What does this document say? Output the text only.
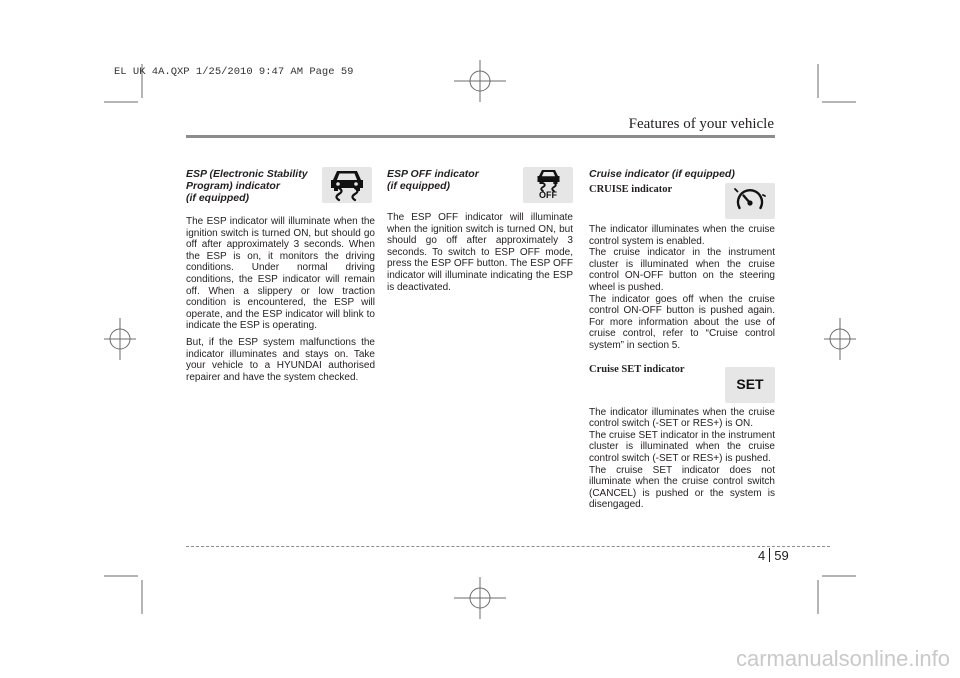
EL UK 4A.QXP 1/25/2010 9:47 AM Page 59
Features of your vehicle
ESP (Electronic Stability
Program) indicator
(if equipped)

The ESP indicator will illuminate when the ignition switch is turned ON, but should go off after approximately 3 seconds. When the ESP is on, it monitors the driving conditions. Under normal driving conditions, the ESP indicator will remain off. When a slippery or low traction condition is encountered, the ESP will operate, and the ESP indicator will blink to indicate the ESP is operating.

But, if the ESP system malfunctions the indicator illuminates and stays on. Take your vehicle to a HYUNDAI authorised repairer and have the system checked.

ESP OFF indicator
(if equipped)

The ESP OFF indicator will illuminate when the ignition switch is turned ON, but should go off after approximately 3 seconds. To switch to ESP OFF mode, press the ESP OFF button. The ESP OFF indicator will illuminate indicating the ESP is deactivated.

OFF
Cruise indicator (if equipped)
CRUISE indicator

The indicator illuminates when the cruise control system is enabled.

The cruise indicator in the instrument cluster is illuminated when the cruise control ON-OFF button on the steering wheel is pushed.

The indicator goes off when the cruise control ON-OFF button is pushed again. For more information about the use of cruise control, refer to “Cruise control system” in section 5.

Cruise SET indicator

The indicator illuminates when the cruise control switch (-SET or RES+) is ON.

The cruise SET indicator in the instrument cluster is illuminated when the cruise control switch (-SET or RES+) is pushed.

The cruise SET indicator does not illuminate when the cruise control switch (CANCEL) is pushed or the system is disengaged.

SET
4 59
carmanualsonline.info
